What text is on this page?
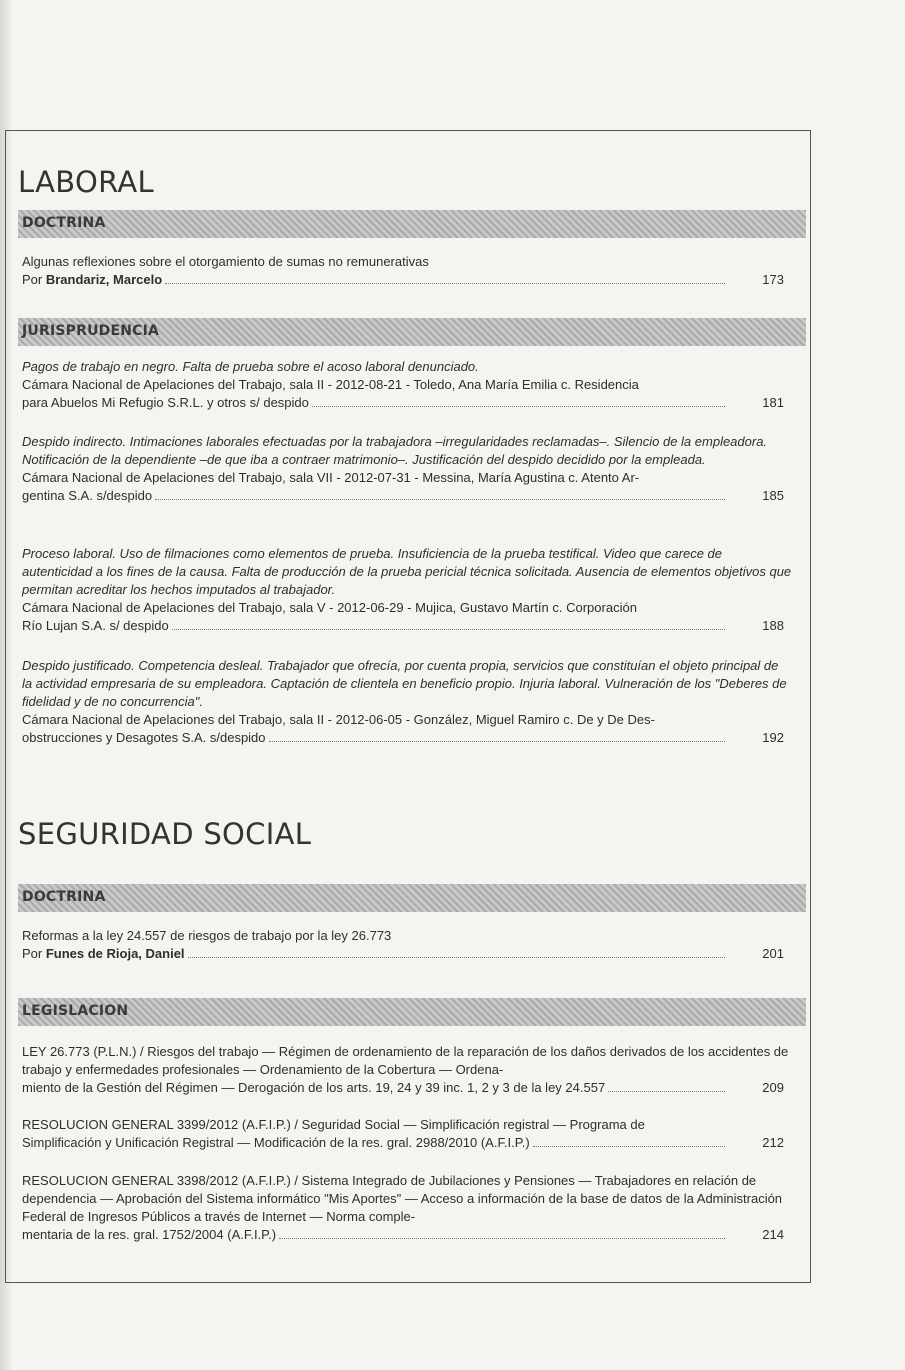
LABORAL
DOCTRINA

Algunas reflexiones sobre el otorgamiento de sumas no remunerativas

Por Brandariz, Marcelo	173
JURISPRUDENCIA

Pagos de trabajo en negro. Falta de prueba sobre el acoso laboral denunciado.

Cámara Nacional de Apelaciones del Trabajo, sala II - 2012-08-21 - Toledo, Ana María Emilia c. Residencia
para Abuelos Mi Refugio S.R.L. y otros s/ despido	181

Despido indirecto. Intimaciones laborales efectuadas por la trabajadora –irregularidades reclamadas–. Silencio de la empleadora. Notificación de la dependiente –de que iba a contraer matrimonio–. Justificación del despido decidido por la empleada.

Cámara Nacional de Apelaciones del Trabajo, sala VII - 2012-07-31 - Messina, María Agustina c. Atento Ar-
gentina S.A. s/despido	185

Proceso laboral. Uso de filmaciones como elementos de prueba. Insuficiencia de la prueba testifical. Video que carece de autenticidad a los fines de la causa. Falta de producción de la prueba pericial técnica solicitada. Ausencia de elementos objetivos que permitan acreditar los hechos imputados al trabajador.

Cámara Nacional de Apelaciones del Trabajo, sala V - 2012-06-29 - Mujica, Gustavo Martín c. Corporación
Río Lujan S.A. s/ despido	188

Despido justificado. Competencia desleal. Trabajador que ofrecía, por cuenta propia, servicios que constituían el objeto principal de la actividad empresaria de su empleadora. Captación de clientela en beneficio propio. Injuria laboral. Vulneración de los "Deberes de fidelidad y de no concurrencia".

Cámara Nacional de Apelaciones del Trabajo, sala II - 2012-06-05 - González, Miguel Ramiro c. De y De Des-
obstrucciones y Desagotes S.A. s/despido	192
SEGURIDAD SOCIAL
DOCTRINA

Reformas a la ley 24.557 de riesgos de trabajo por la ley 26.773

Por Funes de Rioja, Daniel	201
LEGISLACION
LEY 26.773 (P.L.N.) / Riesgos del trabajo — Régimen de ordenamiento de la reparación de los daños derivados de los accidentes de trabajo y enfermedades profesionales — Ordenamiento de la Cobertura — Ordena-
miento de la Gestión del Régimen — Derogación de los arts. 19, 24 y 39 inc. 1, 2 y 3 de la ley 24.557	209
RESOLUCION GENERAL 3399/2012 (A.F.I.P.) / Seguridad Social — Simplificación registral — Programa de
Simplificación y Unificación Registral — Modificación de la res. gral. 2988/2010 (A.F.I.P.)	212
RESOLUCION GENERAL 3398/2012 (A.F.I.P.) / Sistema Integrado de Jubilaciones y Pensiones — Trabajadores en relación de dependencia — Aprobación del Sistema informático "Mis Aportes" — Acceso a información de la base de datos de la Administración Federal de Ingresos Públicos a través de Internet — Norma comple-
mentaria de la res. gral. 1752/2004 (A.F.I.P.)	214
